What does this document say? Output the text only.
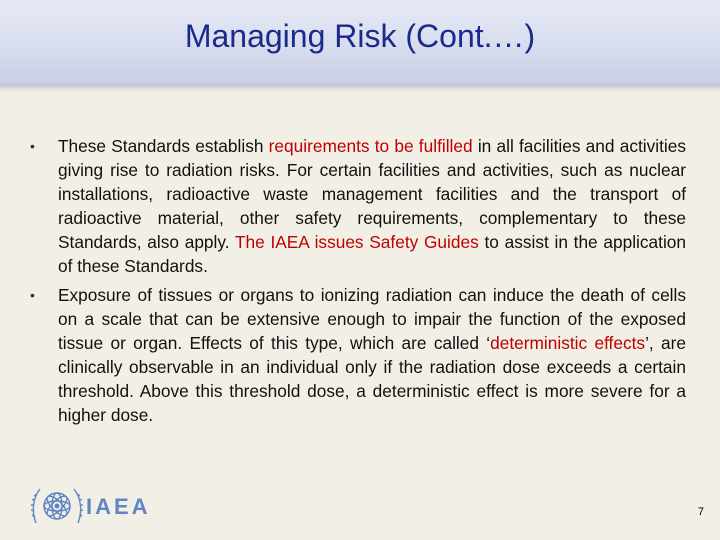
Managing Risk (Cont.…)
• These Standards establish requirements to be fulfilled in all facilities and activities giving rise to radiation risks. For certain facilities and activities, such as nuclear installations, radioactive waste management facilities and the transport of radioactive material, other safety requirements, complementary to these Standards, also apply. The IAEA issues Safety Guides to assist in the application of these Standards.
• Exposure of tissues or organs to ionizing radiation can induce the death of cells on a scale that can be extensive enough to impair the function of the exposed tissue or organ. Effects of this type, which are called ‘deterministic effects’, are clinically observable in an individual only if the radiation dose exceeds a certain threshold. Above this threshold dose, a deterministic effect is more severe for a higher dose.
IAEA	7
